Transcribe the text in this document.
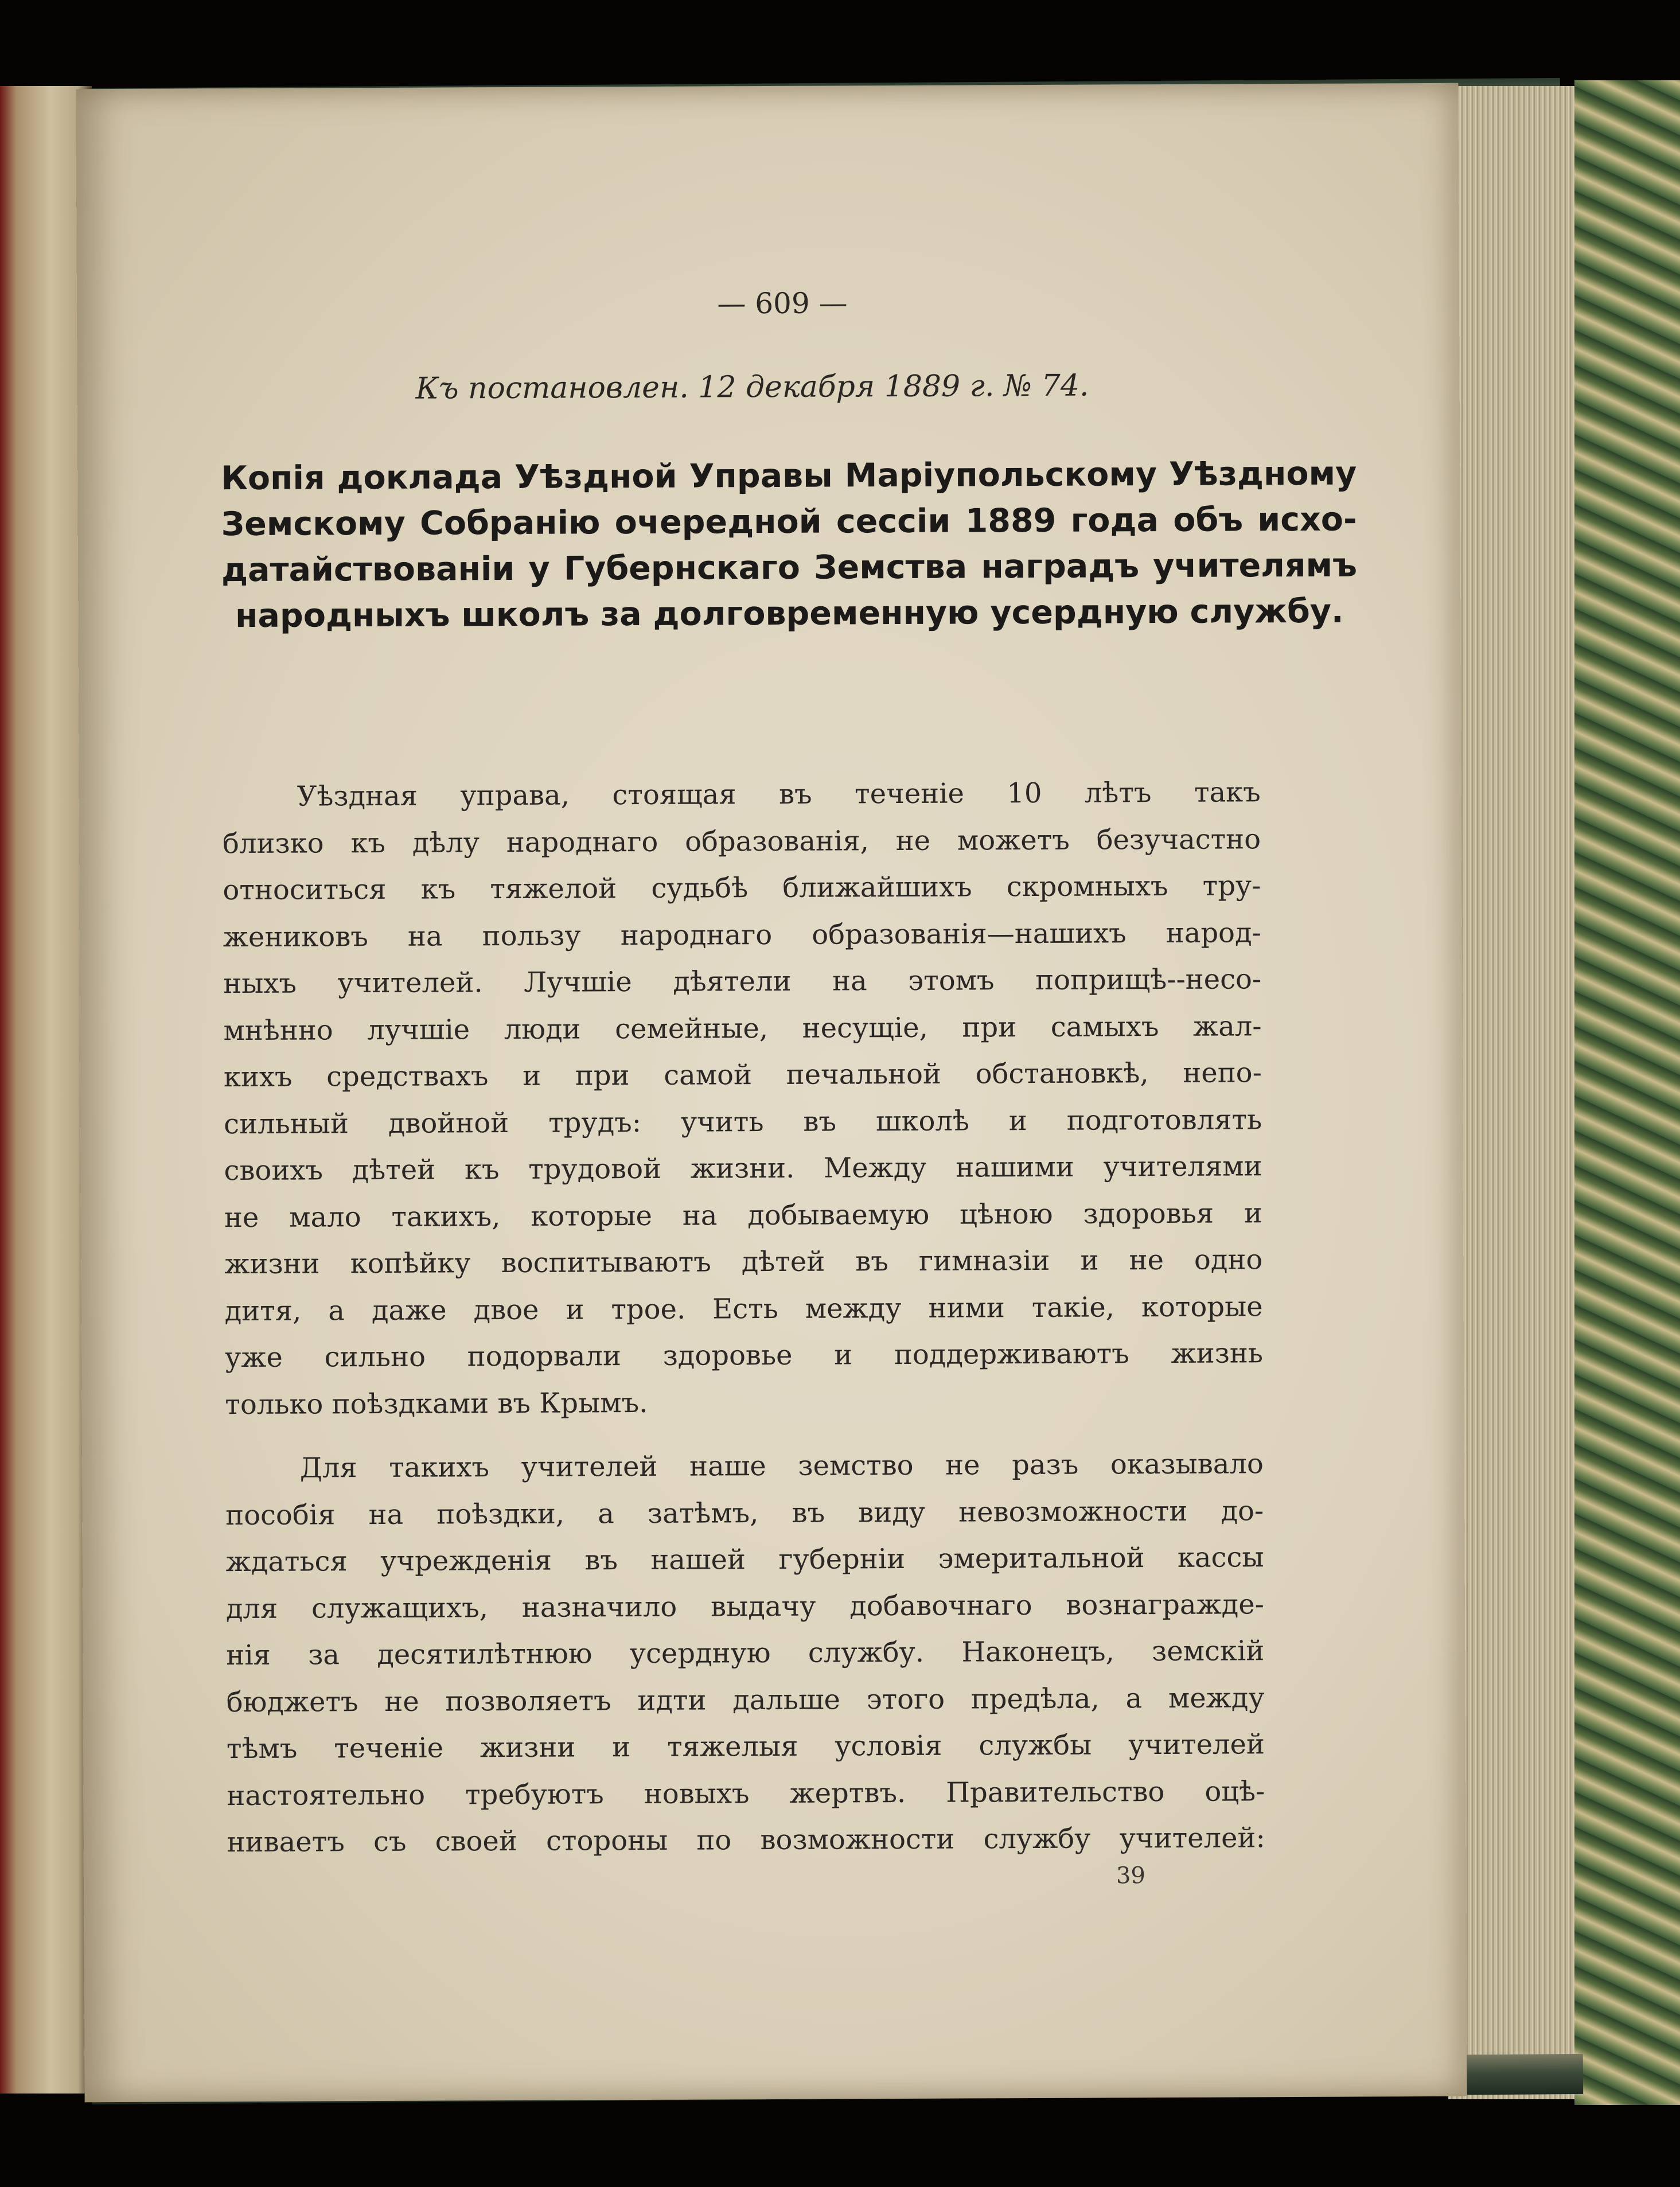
— 609 —
Къ постановлен. 12 декабря 1889 г. № 74.
Копія доклада Уѣздной Управы Маріупольскому Уѣздному
Земскому Собранію очередной сессіи 1889 года объ исхо-
датайствованіи у Губернскаго Земства наградъ учителямъ
народныхъ школъ за долговременную усердную службу.
Уѣздная управа, стоящая въ теченіе 10 лѣтъ такъ
близко къ дѣлу народнаго образованія, не можетъ безучастно
относиться къ тяжелой судьбѣ ближайшихъ скромныхъ тру-
жениковъ на пользу народнаго образованія—нашихъ народ-
ныхъ учителей. Лучшіе дѣятели на этомъ поприщѣ--несо-
мнѣнно лучшіе люди семейные, несущіе, при самыхъ жал-
кихъ средствахъ и при самой печальной обстановкѣ, непо-
сильный двойной трудъ: учить въ школѣ и подготовлять
своихъ дѣтей къ трудовой жизни. Между нашими учителями
не мало такихъ, которые на добываемую цѣною здоровья и
жизни копѣйку воспитываютъ дѣтей въ гимназіи и не одно
дитя, а даже двое и трое. Есть между ними такіе, которые
уже сильно подорвали здоровье и поддерживаютъ жизнь
только поѣздками въ Крымъ.
Для такихъ учителей наше земство не разъ оказывало
пособія на поѣздки, а затѣмъ, въ виду невозможности до-
ждаться учрежденія въ нашей губерніи эмеритальной кассы
для служащихъ, назначило выдачу добавочнаго вознагражде-
нія за десятилѣтнюю усердную службу. Наконецъ, земскій
бюджетъ не позволяетъ идти дальше этого предѣла, а между
тѣмъ теченіе жизни и тяжелыя условія службы учителей
настоятельно требуютъ новыхъ жертвъ. Правительство оцѣ-
ниваетъ съ своей стороны по возможности службу учителей:
39
